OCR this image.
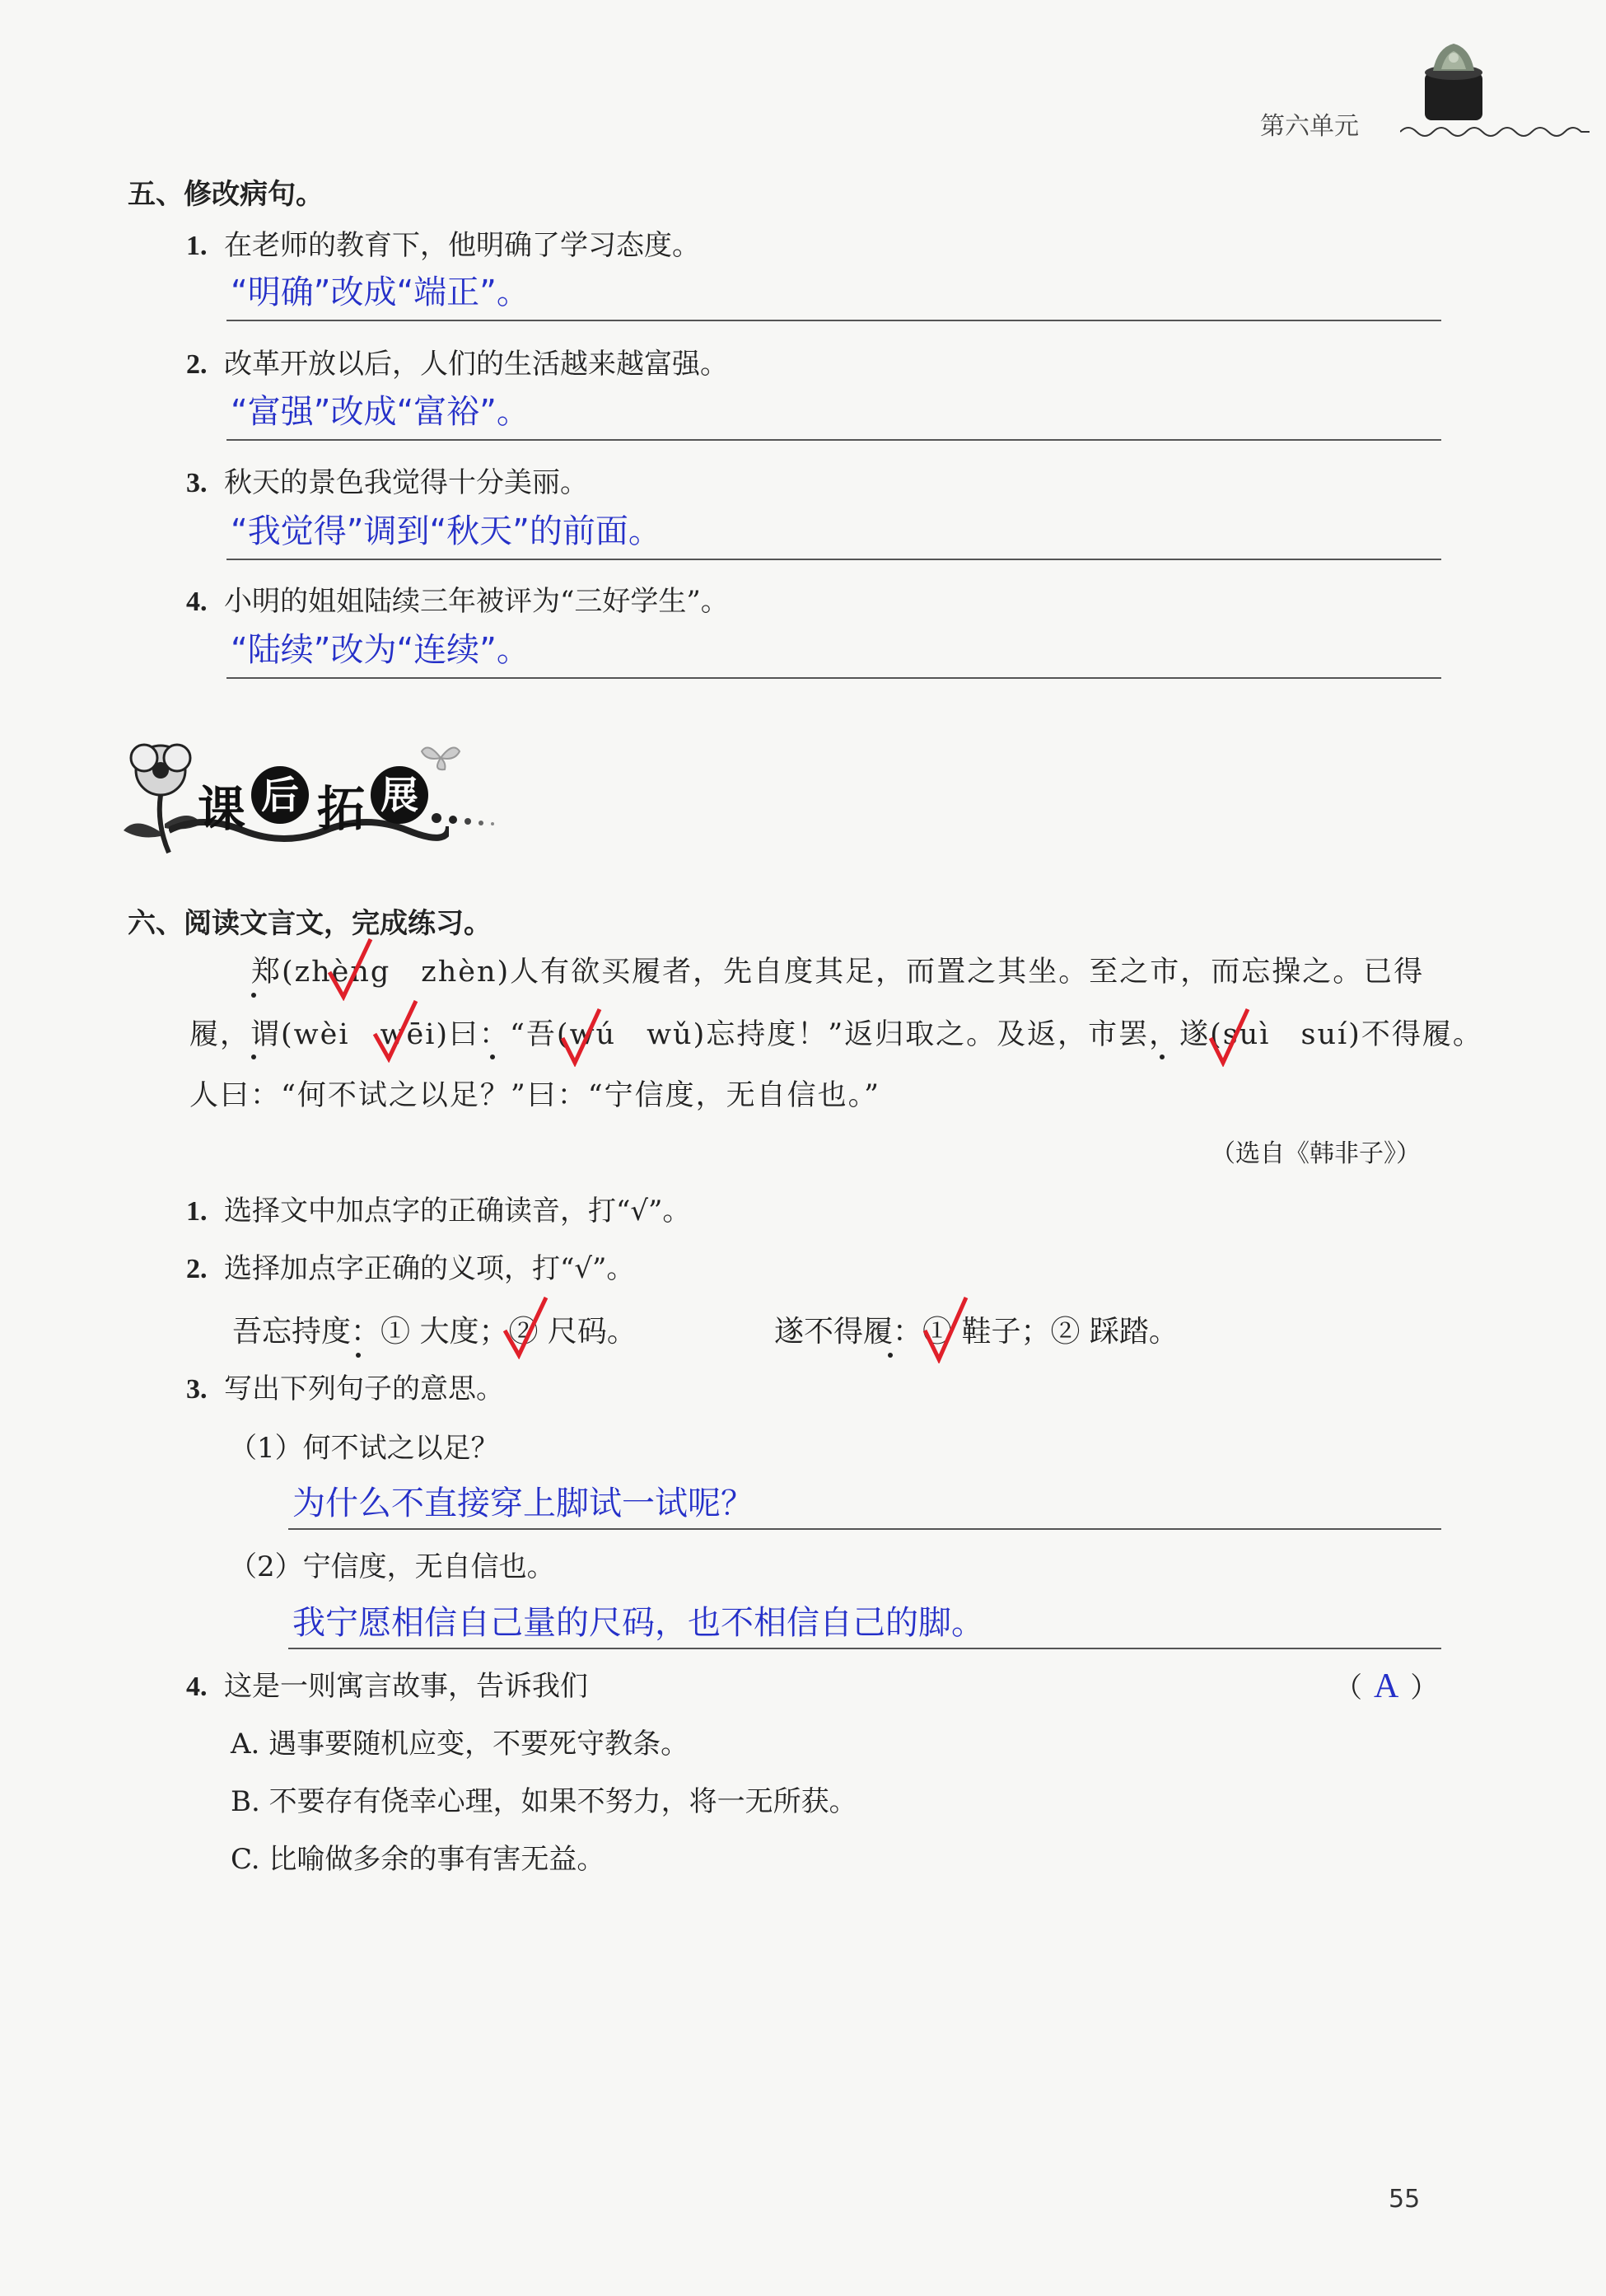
第六单元
五、修改病句。
1. 在老师的教育下，他明确了学习态度。
“明确”改成“端正”。
2. 改革开放以后，人们的生活越来越富强。
“富强”改成“富裕”。
3. 秋天的景色我觉得十分美丽。
“我觉得”调到“秋天”的前面。
4. 小明的姐姐陆续三年被评为“三好学生”。
“陆续”改为“连续”。
课 后 拓 展
六、阅读文言文，完成练习。
郑(zhèng　zhèn)人有欲买履者，先自度其足，而置之其坐。至之市，而忘操之。已得
履，谓(wèi　wēi)曰：“吾(wú　wǔ)忘持度！”返归取之。及返，市罢，遂(suì　suí)不得履。
人曰：“何不试之以足？”曰：“宁信度，无自信也。”
（选自《韩非子》）
1. 选择文中加点字的正确读音，打“√”。
2. 选择加点字正确的义项，打“√”。
吾忘持度：① 大度；② 尺码。	遂不得履：① 鞋子；② 踩踏。
3. 写出下列句子的意思。
（1）何不试之以足？
为什么不直接穿上脚试一试呢？
（2）宁信度，无自信也。
我宁愿相信自己量的尺码，也不相信自己的脚。
4. 这是一则寓言故事，告诉我们	（ A ）
A. 遇事要随机应变，不要死守教条。
B. 不要存有侥幸心理，如果不努力，将一无所获。
C. 比喻做多余的事有害无益。
55
